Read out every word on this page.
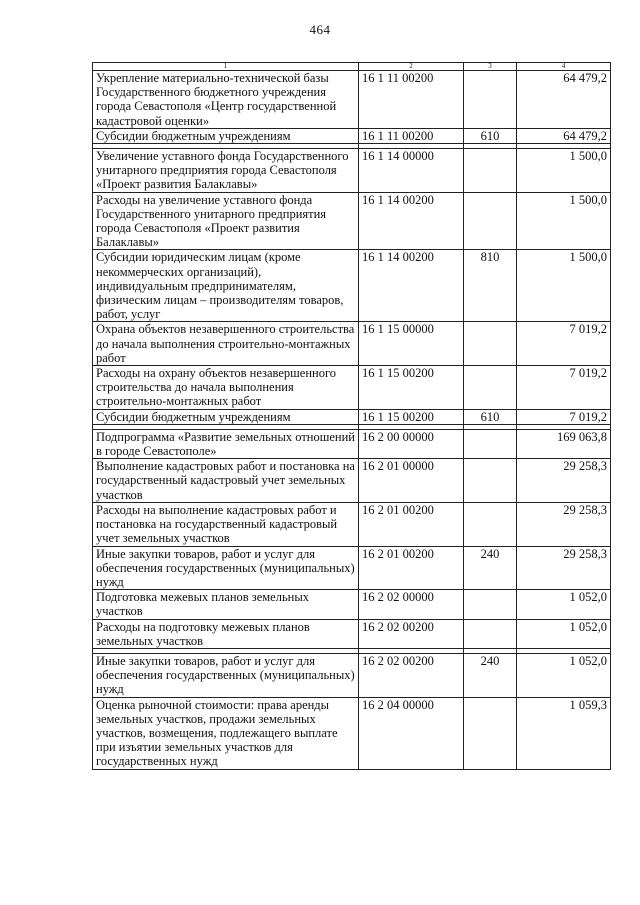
464
1	2	3	4
Укрепление материально-технической базы Государственного бюджетного учреждения города Севастополя «Центр государственной кадастровой оценки»	16 1 11 00200		64 479,2
Субсидии бюджетным учреждениям	16 1 11 00200	610	64 479,2

Увеличение уставного фонда Государственного унитарного предприятия города Севастополя «Проект развития Балаклавы»	16 1 14 00000		1 500,0
Расходы на увеличение уставного фонда Государственного унитарного предприятия города Севастополя «Проект развития Балаклавы»	16 1 14 00200		1 500,0
Субсидии юридическим лицам (кроме некоммерческих организаций), индивидуальным предпринимателям, физическим лицам – производителям товаров, работ, услуг	16 1 14 00200	810	1 500,0
Охрана объектов незавершенного строительства до начала выполнения строительно-монтажных работ	16 1 15 00000		7 019,2
Расходы на охрану объектов незавершенного строительства до начала выполнения строительно-монтажных работ	16 1 15 00200		7 019,2
Субсидии бюджетным учреждениям	16 1 15 00200	610	7 019,2

Подпрограмма «Развитие земельных отношений в городе Севастополе»	16 2 00 00000		169 063,8
Выполнение кадастровых работ и постановка на государственный кадастровый учет земельных участков	16 2 01 00000		29 258,3
Расходы на выполнение кадастровых работ и постановка на государственный кадастровый учет земельных участков	16 2 01 00200		29 258,3
Иные закупки товаров, работ и услуг для обеспечения государственных (муниципальных) нужд	16 2 01 00200	240	29 258,3
Подготовка межевых планов земельных участков	16 2 02 00000		1 052,0
Расходы на подготовку межевых планов земельных участков	16 2 02 00200		1 052,0

Иные закупки товаров, работ и услуг для обеспечения государственных (муниципальных) нужд	16 2 02 00200	240	1 052,0
Оценка рыночной стоимости: права аренды земельных участков, продажи земельных участков, возмещения, подлежащего выплате при изъятии земельных участков для государственных нужд	16 2 04 00000		1 059,3
